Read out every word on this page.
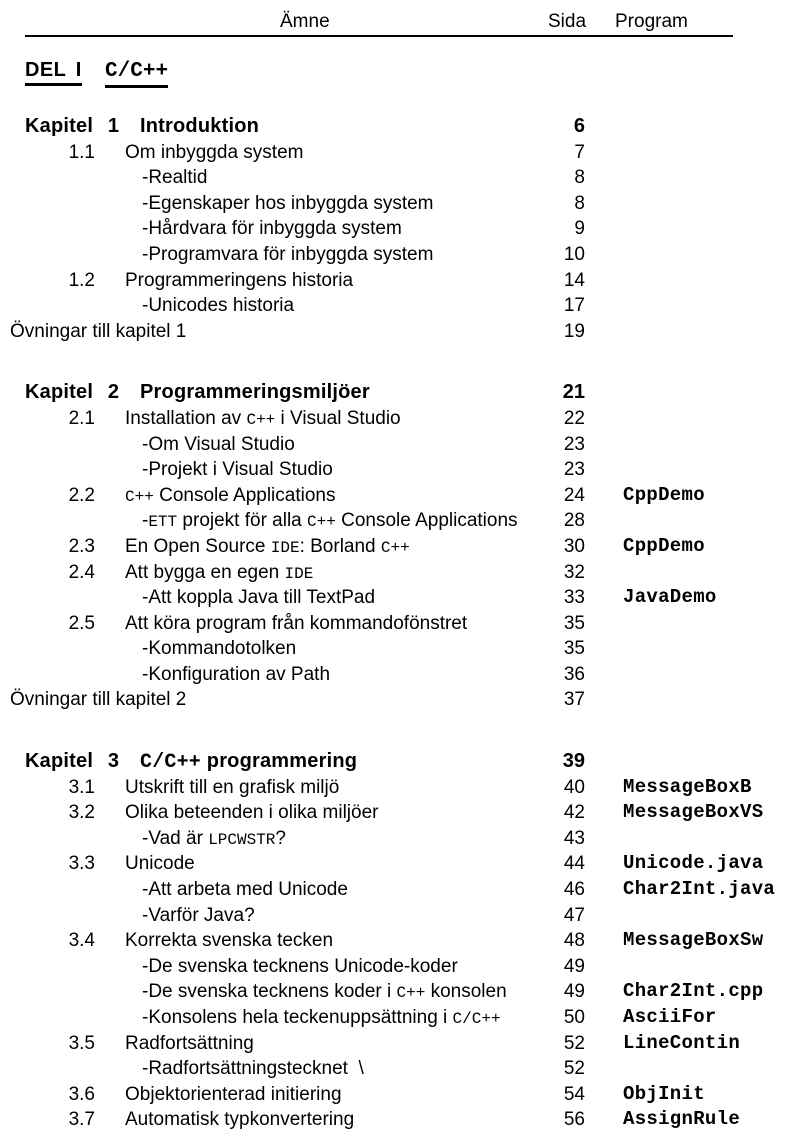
Ämne	Sida Program
DEL I C/C++
Kapitel 1 Introduktion	6
1.1 Om inbyggda system	7
-Realtid	8
-Egenskaper hos inbyggda system	8
-Hårdvara för inbyggda system	9
-Programvara för inbyggda system	10
1.2 Programmeringens historia	14
-Unicodes historia	17
Övningar till kapitel 1	19
Kapitel 2 Programmeringsmiljöer	21
2.1 Installation av C++ i Visual Studio	22
-Om Visual Studio	23
-Projekt i Visual Studio	23
2.2 C++ Console Applications	24 CppDemo
-ETT projekt för alla C++ Console Applications	28
2.3 En Open Source IDE: Borland C++	30 CppDemo
2.4 Att bygga en egen IDE	32
-Att koppla Java till TextPad	33 JavaDemo
2.5 Att köra program från kommandofönstret	35
-Kommandotolken	35
-Konfiguration av Path	36
Övningar till kapitel 2	37
Kapitel 3 C/C++ programmering	39
3.1 Utskrift till en grafisk miljö	40 MessageBoxB
3.2 Olika beteenden i olika miljöer	42 MessageBoxVS
-Vad är LPCWSTR?	43
3.3 Unicode	44 Unicode.java
-Att arbeta med Unicode	46 Char2Int.java
-Varför Java?	47
3.4 Korrekta svenska tecken	48 MessageBoxSw
-De svenska tecknens Unicode-koder	49
-De svenska tecknens koder i C++ konsolen	49 Char2Int.cpp
-Konsolens hela teckenuppsättning i C/C++	50 AsciiFor
3.5 Radfortsättning	52 LineContin
-Radfortsättningstecknet  \	52
3.6 Objektorienterad initiering	54 ObjInit
3.7 Automatisk typkonvertering	56 AssignRule
